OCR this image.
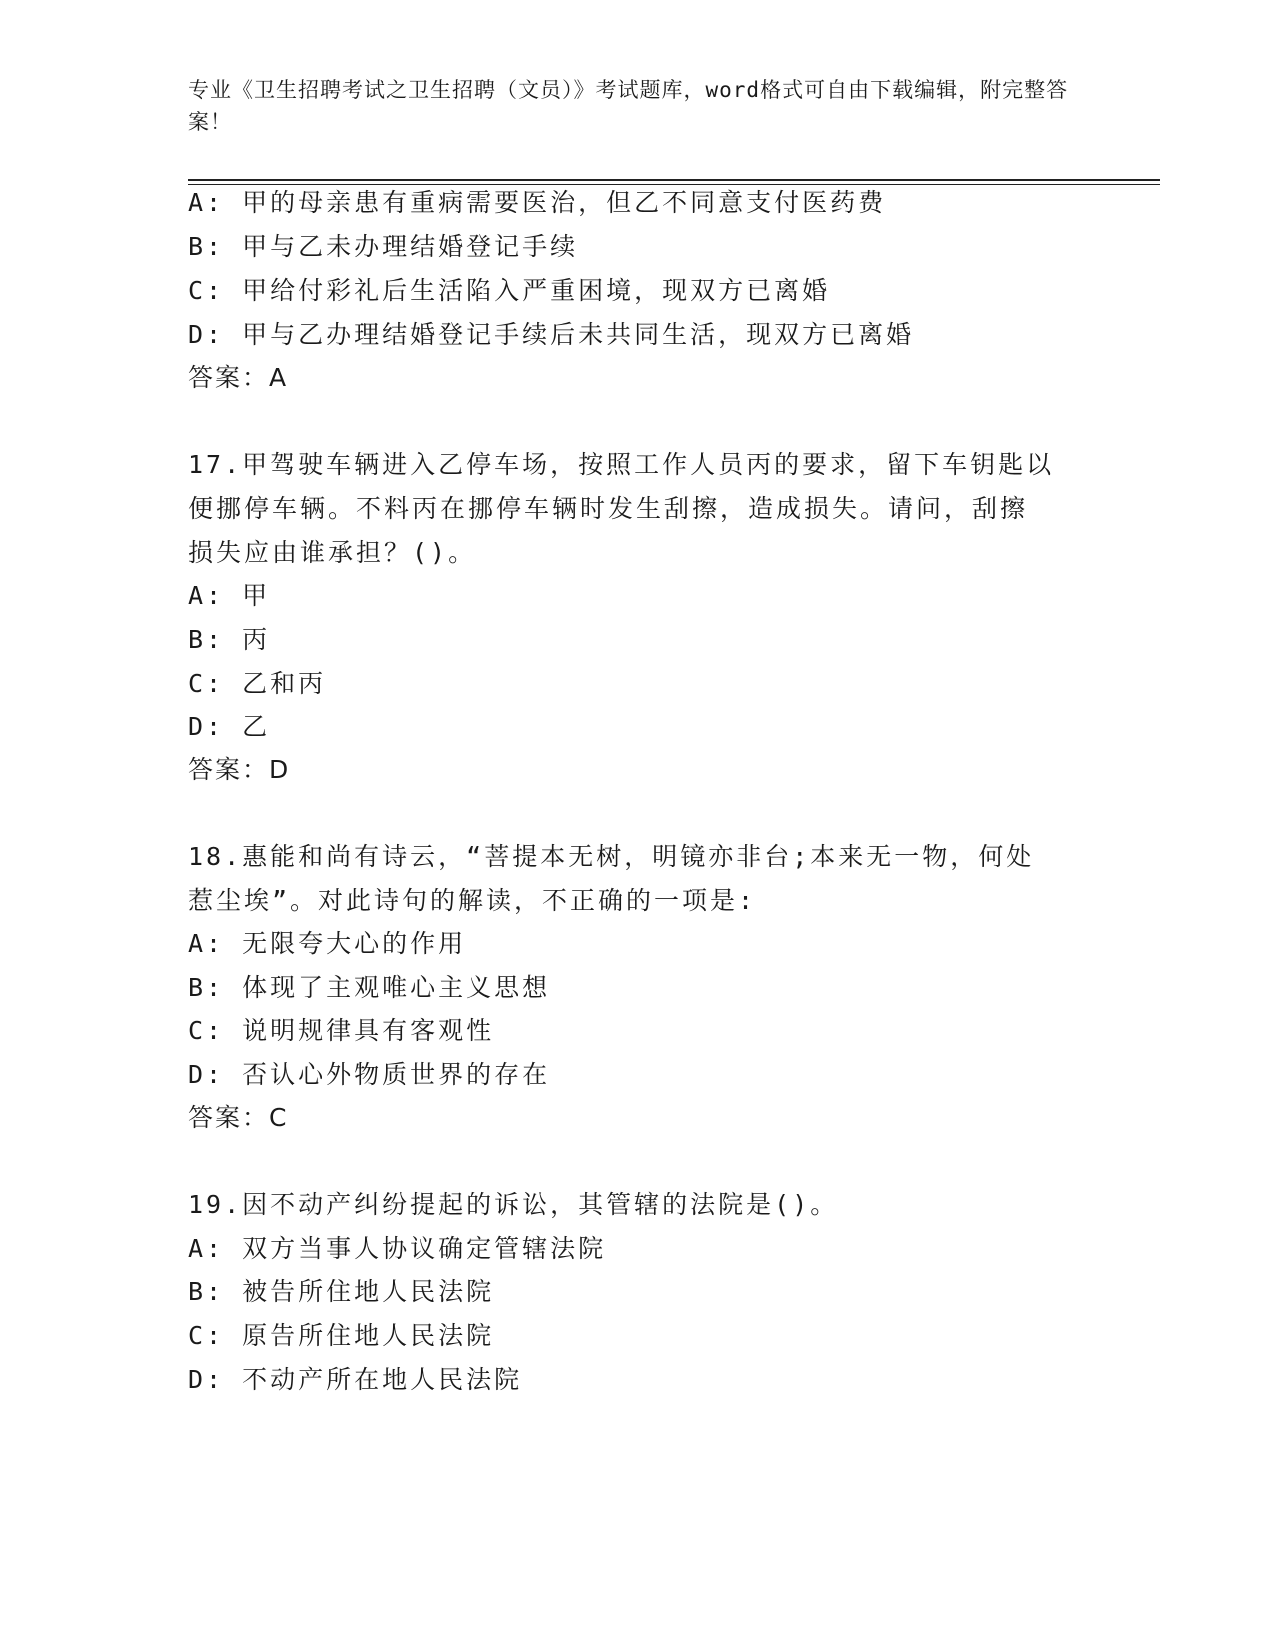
专业《卫生招聘考试之卫生招聘（文员）》考试题库，word格式可自由下载编辑，附完整答案！
A: 甲的母亲患有重病需要医治，但乙不同意支付医药费
B: 甲与乙未办理结婚登记手续
C: 甲给付彩礼后生活陷入严重困境，现双方已离婚
D: 甲与乙办理结婚登记手续后未共同生活，现双方已离婚
答案：A
17.甲驾驶车辆进入乙停车场，按照工作人员丙的要求，留下车钥匙以
便挪停车辆。不料丙在挪停车辆时发生刮擦，造成损失。请问，刮擦
损失应由谁承担？()。
A: 甲
B: 丙
C: 乙和丙
D: 乙
答案：D
18.惠能和尚有诗云，“菩提本无树，明镜亦非台;本来无一物，何处
惹尘埃”。对此诗句的解读，不正确的一项是:
A: 无限夸大心的作用
B: 体现了主观唯心主义思想
C: 说明规律具有客观性
D: 否认心外物质世界的存在
答案：C
19.因不动产纠纷提起的诉讼，其管辖的法院是()。
A: 双方当事人协议确定管辖法院
B: 被告所住地人民法院
C: 原告所住地人民法院
D: 不动产所在地人民法院
